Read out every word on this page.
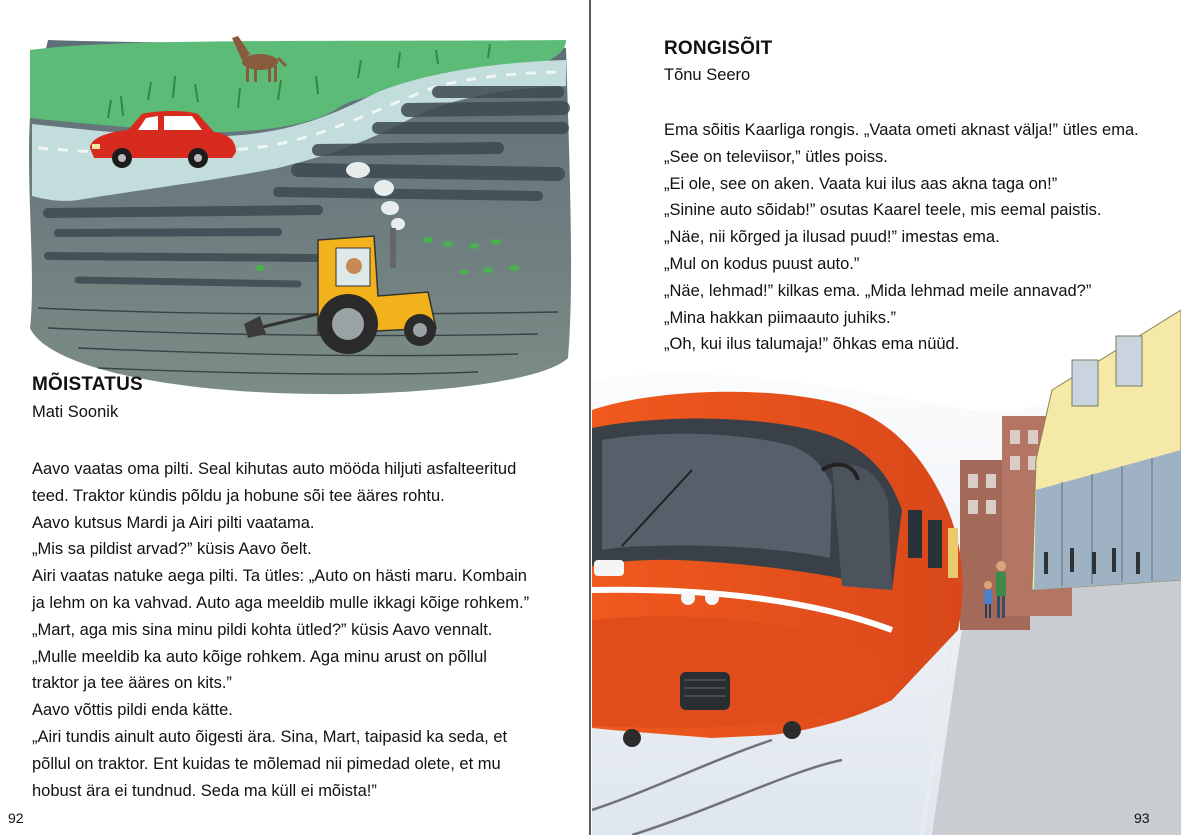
MÕISTATUS
Mati Soonik

Aavo vaatas oma pilti. Seal kihutas auto mööda hiljuti asfalteeritud

teed. Traktor kündis põldu ja hobune sõi tee ääres rohtu.

Aavo kutsus Mardi ja Airi pilti vaatama.

„Mis sa pildist arvad?” küsis Aavo õelt.

Airi vaatas natuke aega pilti. Ta ütles: „Auto on hästi maru. Kombain

ja lehm on ka vahvad. Auto aga meeldib mulle ikkagi kõige rohkem.”

„Mart, aga mis sina minu pildi kohta ütled?” küsis Aavo vennalt.

„Mulle meeldib ka auto kõige rohkem. Aga minu arust on põllul

traktor ja tee ääres on kits.”

Aavo võttis pildi enda kätte.

„Airi tundis ainult auto õigesti ära. Sina, Mart, taipasid ka seda, et

põllul on traktor. Ent kuidas te mõlemad nii pimedad olete, et mu

hobust ära ei tundnud. Seda ma küll ei mõista!”

92
RONGISÕIT
Tõnu Seero

Ema sõitis Kaarliga rongis. „Vaata ometi aknast välja!” ütles ema.

„See on televiisor,” ütles poiss.

„Ei ole, see on aken. Vaata kui ilus aas akna taga on!”

„Sinine auto sõidab!” osutas Kaarel teele, mis eemal paistis.

„Näe, nii kõrged ja ilusad puud!” imestas ema.

„Mul on kodus puust auto.”

„Näe, lehmad!” kilkas ema. „Mida lehmad meile annavad?”

„Mina hakkan piimaauto juhiks.”

„Oh, kui ilus talumaja!” õhkas ema nüüd.

93
